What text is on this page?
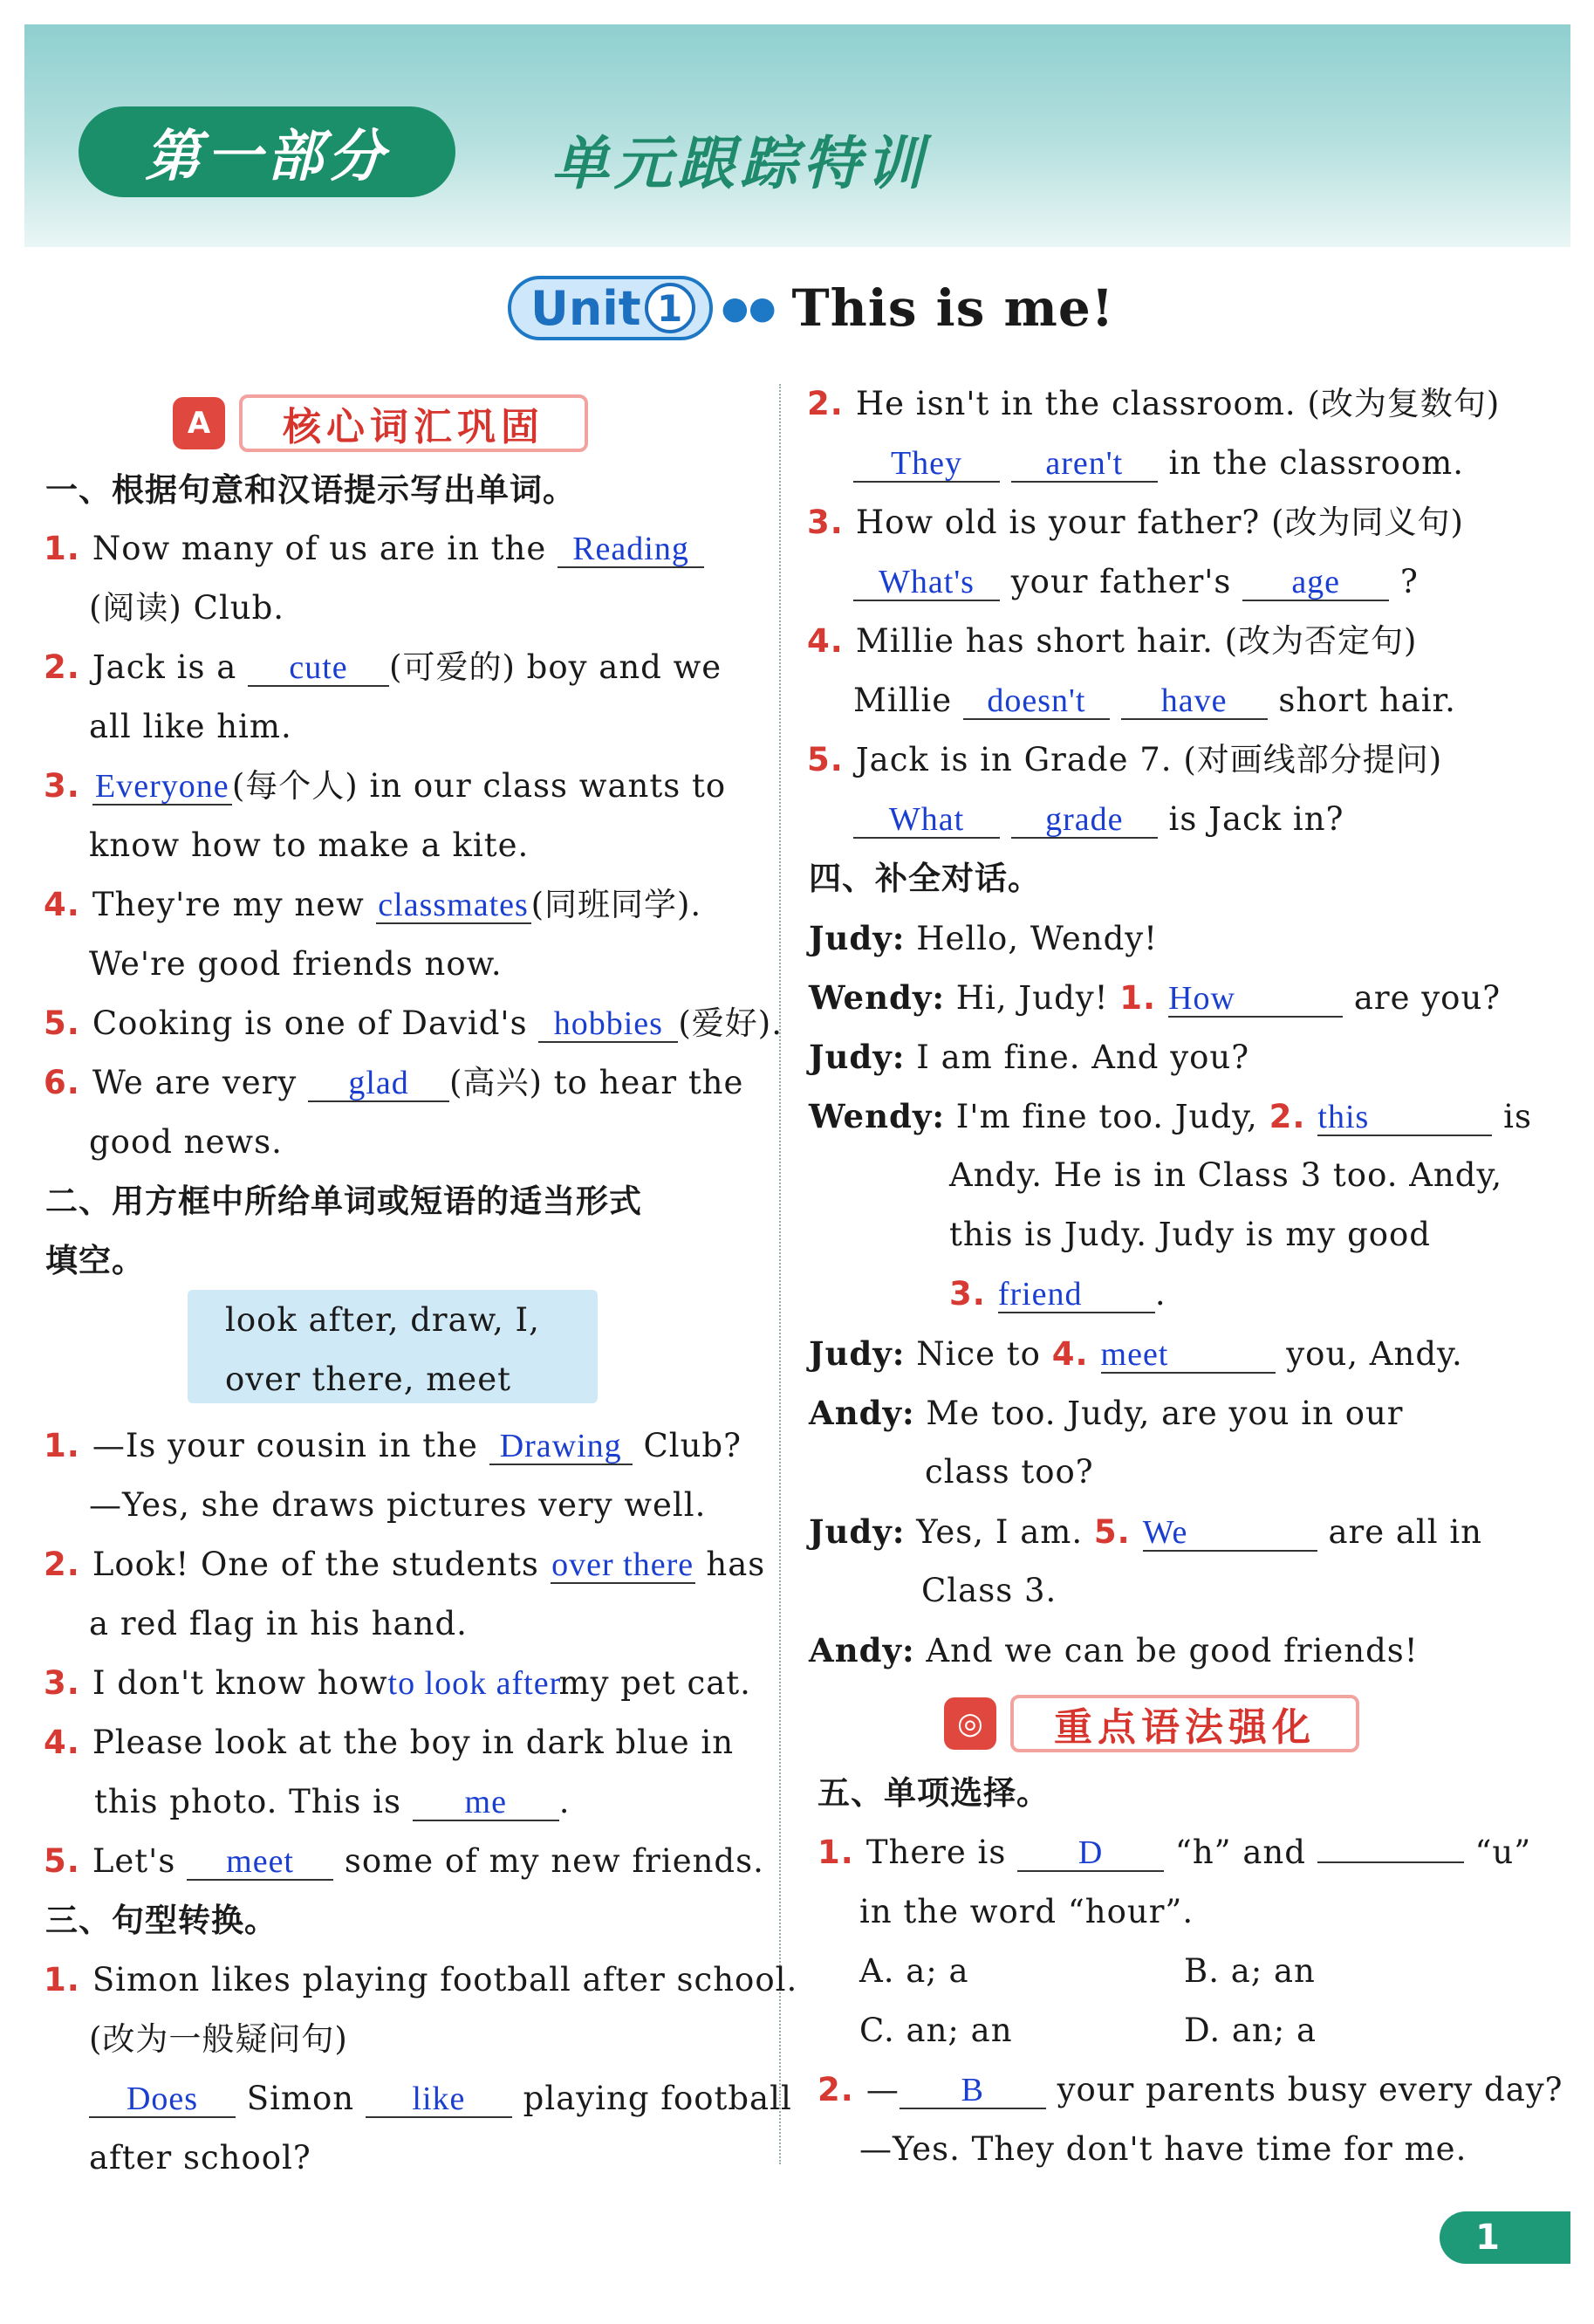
第一部分	单元跟踪特训
Unit 1	●● This is me!
A	核心词汇巩固
一、根据句意和汉语提示写出单词。
1. Now many of us are in the Reading
(阅读) Club.
2. Jack is a cute (可爱的) boy and we
all like him.
3. Everyone(每个人) in our class wants to
know how to make a kite.
4. They're my new classmates(同班同学).
We're good friends now.
5. Cooking is one of David's hobbies (爱好).
6. We are very glad (高兴) to hear the
good news.
二、用方框中所给单词或短语的适当形式
填空。
look after, draw, I,
over there, meet
1. —Is your cousin in the Drawing Club?
—Yes, she draws pictures very well.
2. Look! One of the students over there has
a red flag in his hand.
3. I don't know howto look aftermy pet cat.
4. Please look at the boy in dark blue in
this photo. This is me .
5. Let's meet some of my new friends.
三、句型转换。
1. Simon likes playing football after school.
(改为一般疑问句)
Does Simon like playing football
after school?
2. He isn't in the classroom. (改为复数句)
They	aren't in the classroom.
3. How old is your father? (改为同义句)
What's your father's age ?
4. Millie has short hair. (改为否定句)
Millie doesn't have short hair.
5. Jack is in Grade 7. (对画线部分提问)
What grade is Jack in?
四、补全对话。
Judy: Hello, Wendy!
Wendy: Hi, Judy! 1. How	are you?
Judy: I am fine. And you?
Wendy: I'm fine too. Judy, 2. this	is
Andy. He is in Class 3 too. Andy,
this is Judy. Judy is my good
3. friend .
Judy: Nice to 4. meet	you, Andy.
Andy: Me too. Judy, are you in our
class too?
Judy: Yes, I am. 5. We	are all in
Class 3.
Andy: And we can be good friends!
◎	重点语法强化
五、单项选择。
1. There is D “h” and	“u”
in the word “hour”.
A. a; a	B. a; an
C. an; an	D. an; a
2. — B your parents busy every day?
—Yes. They don't have time for me.
1
